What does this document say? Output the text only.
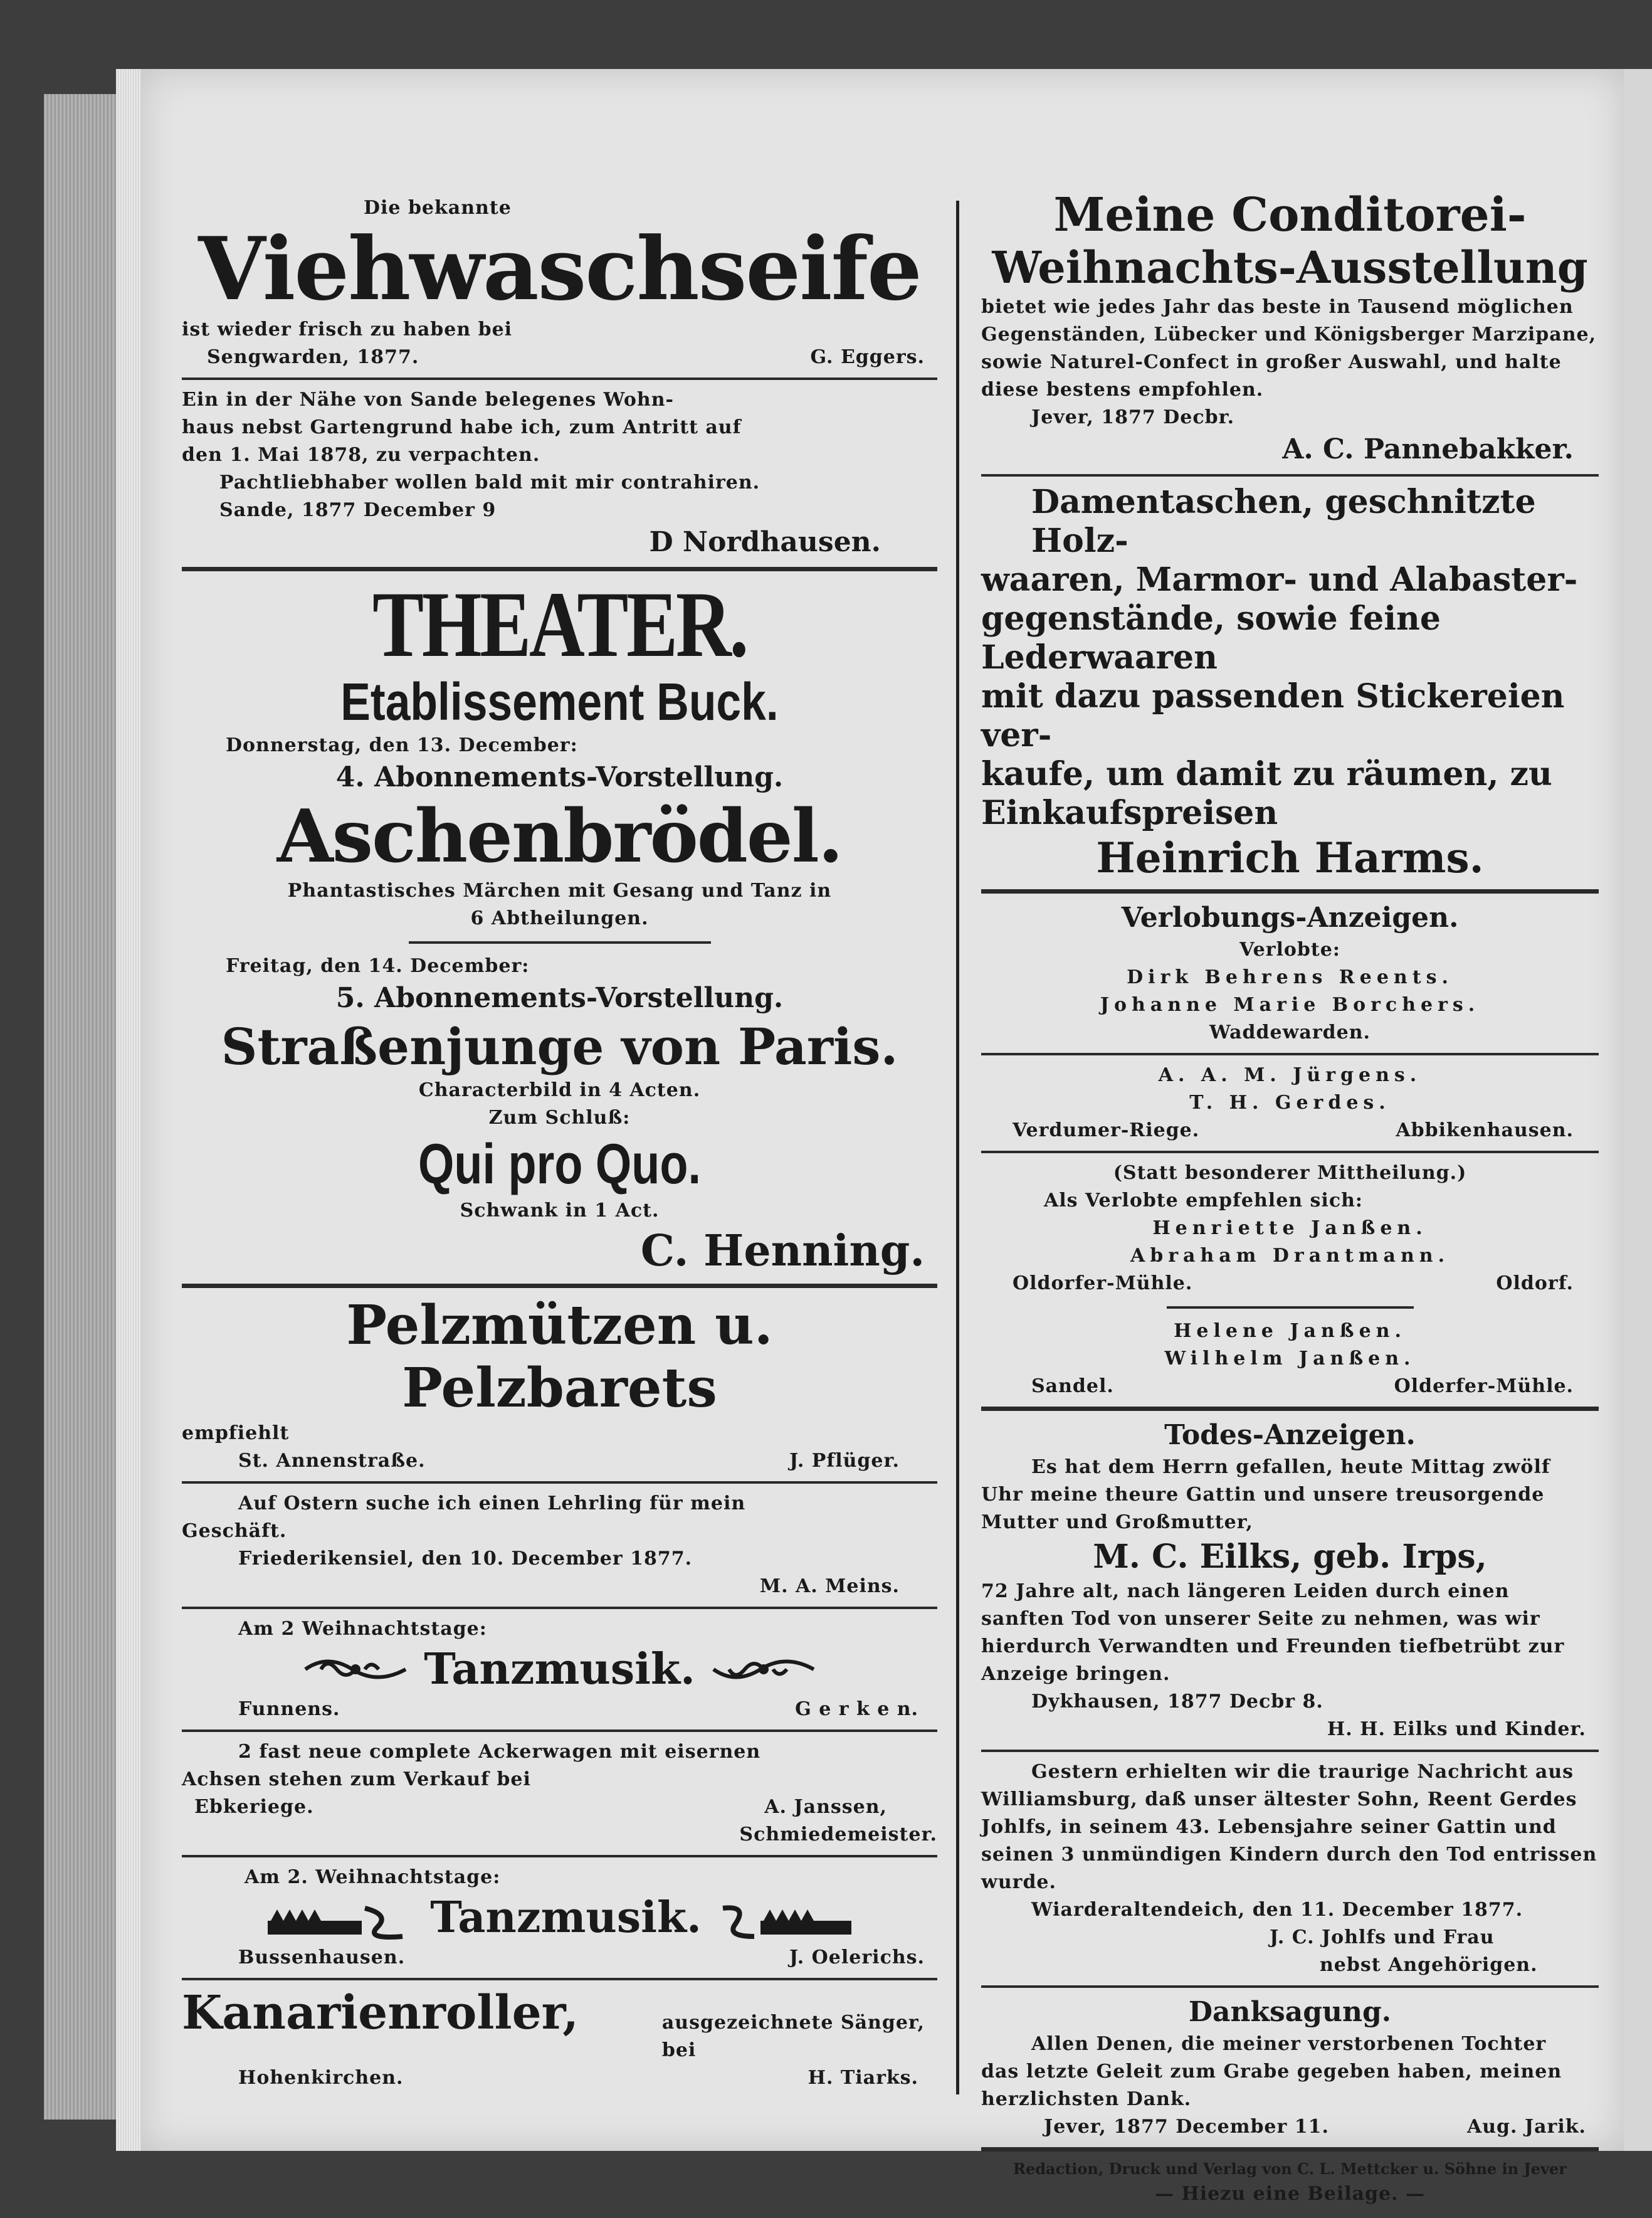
Die bekannte
Viehwaschseife
ist wieder frisch zu haben bei
Sengwarden, 1877.	G. Eggers.
Ein in der Nähe von Sande belegenes Wohn-
haus nebst Gartengrund habe ich, zum Antritt auf
den 1. Mai 1878, zu verpachten.
Pachtliebhaber wollen bald mit mir contrahiren.
Sande, 1877 December 9
D Nordhausen.
THEATER.
Etablissement Buck.
Donnerstag, den 13. December:
4. Abonnements-Vorstellung.
Aschenbrödel.
Phantastisches Märchen mit Gesang und Tanz in
6 Abtheilungen.
Freitag, den 14. December:
5. Abonnements-Vorstellung.
Straßenjunge von Paris.
Characterbild in 4 Acten.
Zum Schluß:
Qui pro Quo.
Schwank in 1 Act.
C. Henning.
Pelzmützen u. Pelzbarets
empfiehlt
St. Annenstraße.	J. Pflüger.
Auf Ostern suche ich einen Lehrling für mein
Geschäft.
Friederikensiel, den 10. December 1877.
M. A. Meins.
Am 2 Weihnachtstage:
Tanzmusik.
Funnens.	G e r k e n.
2 fast neue complete Ackerwagen mit eisernen
Achsen stehen zum Verkauf bei
Ebkeriege.	A. Janssen,
Schmiedemeister.
Am 2. Weihnachtstage:
Tanzmusik.
Bussenhausen.	J. Oelerichs.
Kanarienroller,	ausgezeichnete Sänger,
bei
Hohenkirchen.	H. Tiarks.
Meine Conditorei-
Weihnachts-Ausstellung
bietet wie jedes Jahr das beste in Tausend möglichen
Gegenständen, Lübecker und Königsberger Marzipane,
sowie Naturel-Confect in großer Auswahl, und halte
diese bestens empfohlen.
Jever, 1877 Decbr.
A. C. Pannebakker.
Damentaschen, geschnitzte Holz-
waaren, Marmor- und Alabaster-
gegenstände, sowie feine Lederwaaren
mit dazu passenden Stickereien ver-
kaufe, um damit zu räumen, zu
Einkaufspreisen
Heinrich Harms.
Verlobungs-Anzeigen.
Verlobte:
Dirk Behrens Reents.
Johanne Marie Borchers.
Waddewarden.
A. A. M. Jürgens.
T. H. Gerdes.
Verdumer-Riege.	Abbikenhausen.
(Statt besonderer Mittheilung.)
Als Verlobte empfehlen sich:
Henriette Janßen.
Abraham Drantmann.
Oldorfer-Mühle.	Oldorf.
Helene Janßen.
Wilhelm Janßen.
Sandel.	Olderfer-Mühle.
Todes-Anzeigen.
Es hat dem Herrn gefallen, heute Mittag zwölf
Uhr meine theure Gattin und unsere treusorgende
Mutter und Großmutter,
M. C. Eilks, geb. Irps,
72 Jahre alt, nach längeren Leiden durch einen
sanften Tod von unserer Seite zu nehmen, was wir
hierdurch Verwandten und Freunden tiefbetrübt zur
Anzeige bringen.
Dykhausen, 1877 Decbr 8.
H. H. Eilks und Kinder.
Gestern erhielten wir die traurige Nachricht aus
Williamsburg, daß unser ältester Sohn, Reent Gerdes
Johlfs, in seinem 43. Lebensjahre seiner Gattin und
seinen 3 unmündigen Kindern durch den Tod entrissen
wurde.
Wiarderaltendeich, den 11. December 1877.
J. C. Johlfs und Frau
nebst Angehörigen.
Danksagung.
Allen Denen, die meiner verstorbenen Tochter
das letzte Geleit zum Grabe gegeben haben, meinen
herzlichsten Dank.
Jever, 1877 December 11.	Aug. Jarik.
Redaction, Druck und Verlag von C. L. Mettcker u. Söhne in Jever
— Hiezu eine Beilage. —
